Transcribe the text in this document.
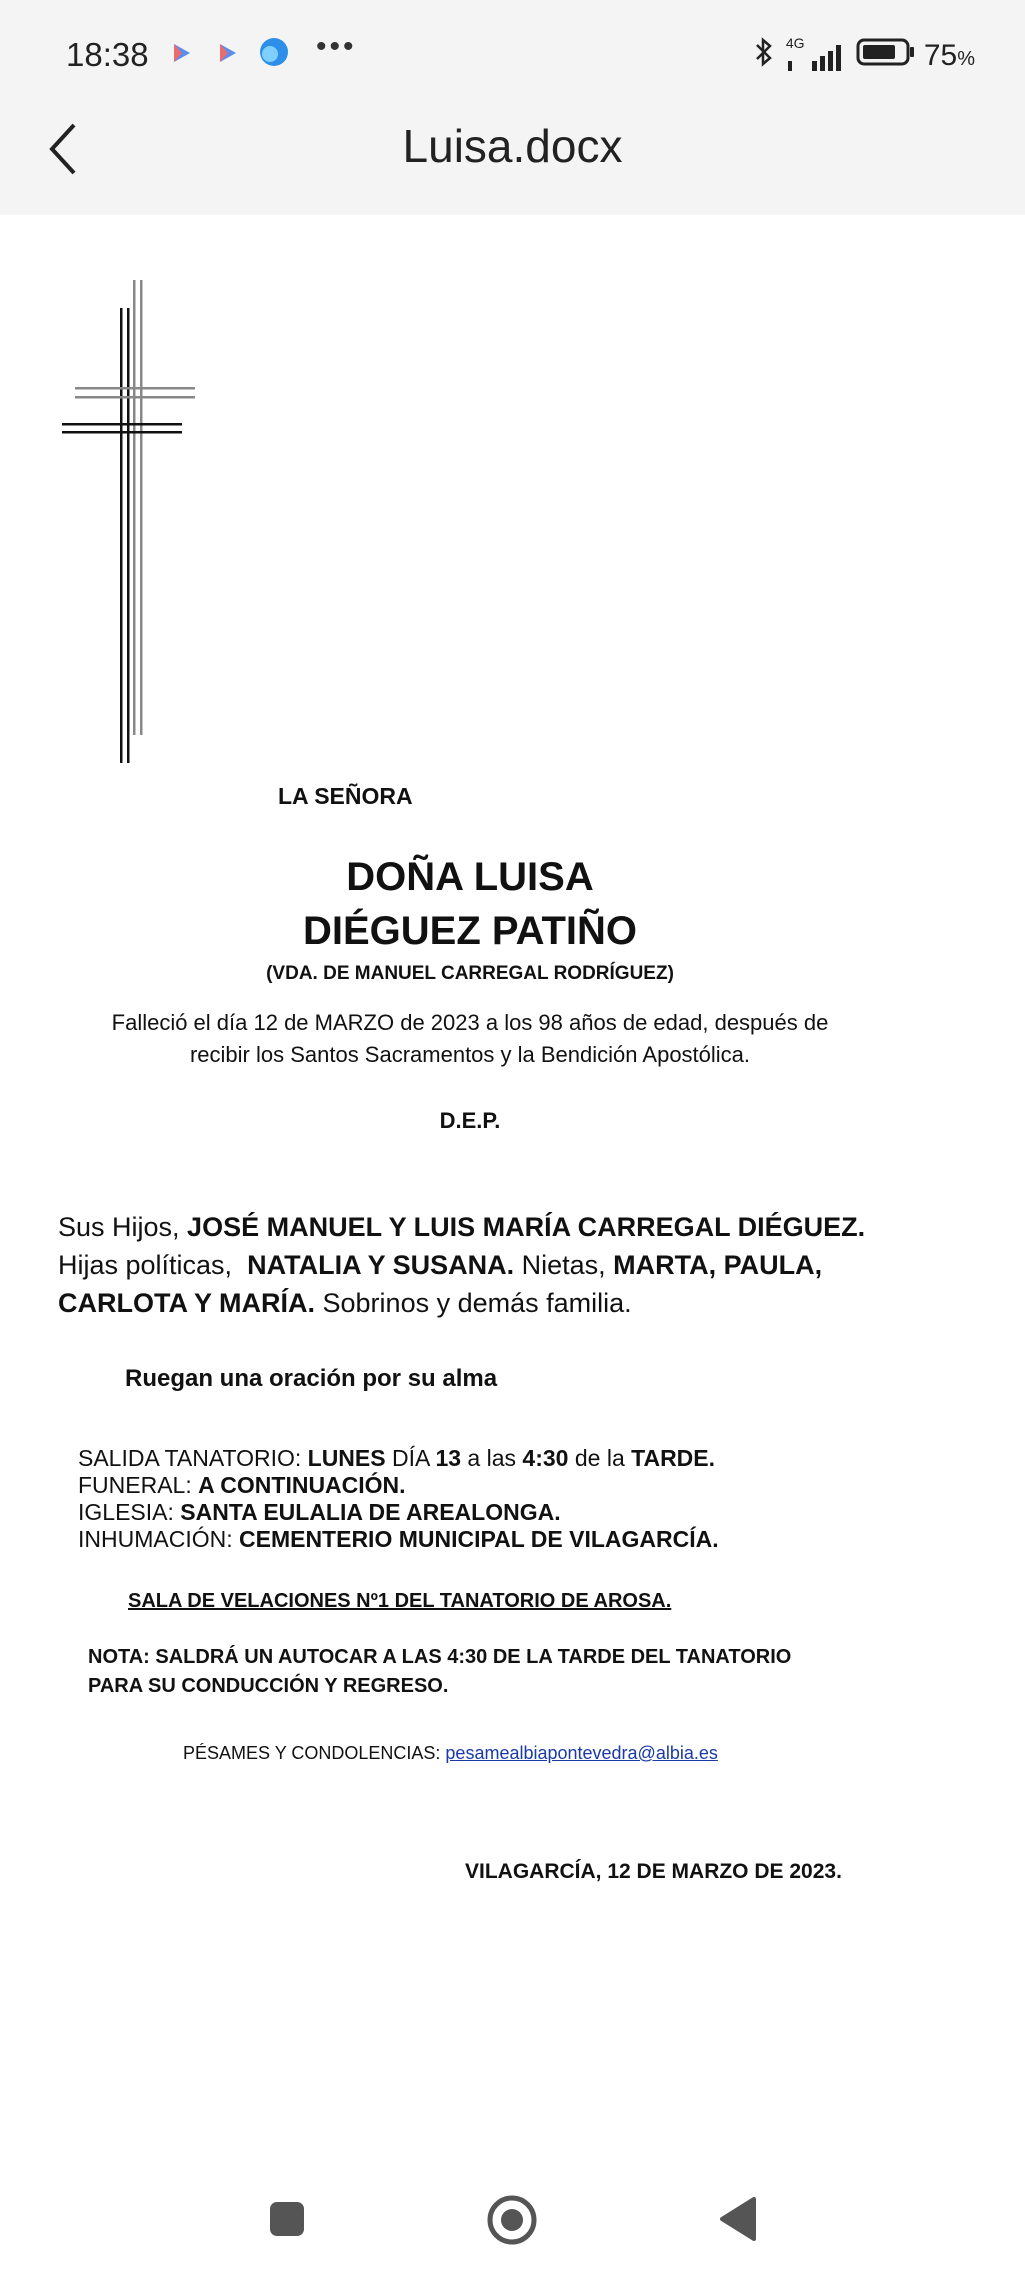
18:38	•••	4G	75%
Luisa.docx
LA SEÑORA
DOÑA LUISA
DIÉGUEZ PATIÑO
(VDA. DE MANUEL CARREGAL RODRÍGUEZ)
Falleció el día 12 de MARZO de 2023 a los 98 años de edad, después de
recibir los Santos Sacramentos y la Bendición Apostólica.
D.E.P.
Sus Hijos, JOSÉ MANUEL Y LUIS MARÍA CARREGAL DIÉGUEZ.
Hijas políticas,  NATALIA Y SUSANA. Nietas, MARTA, PAULA, CARLOTA Y MARÍA. Sobrinos y demás familia.
Ruegan una oración por su alma
SALIDA TANATORIO: LUNES DÍA 13 a las 4:30 de la TARDE.
FUNERAL: A CONTINUACIÓN.
IGLESIA: SANTA EULALIA DE AREALONGA.
INHUMACIÓN: CEMENTERIO MUNICIPAL DE VILAGARCÍA.
SALA DE VELACIONES Nº1 DEL TANATORIO DE AROSA.
NOTA: SALDRÁ UN AUTOCAR A LAS 4:30 DE LA TARDE DEL TANATORIO
PARA SU CONDUCCIÓN Y REGRESO.
PÉSAMES Y CONDOLENCIAS: pesamealbiapontevedra@albia.es
VILAGARCÍA, 12 DE MARZO DE 2023.
